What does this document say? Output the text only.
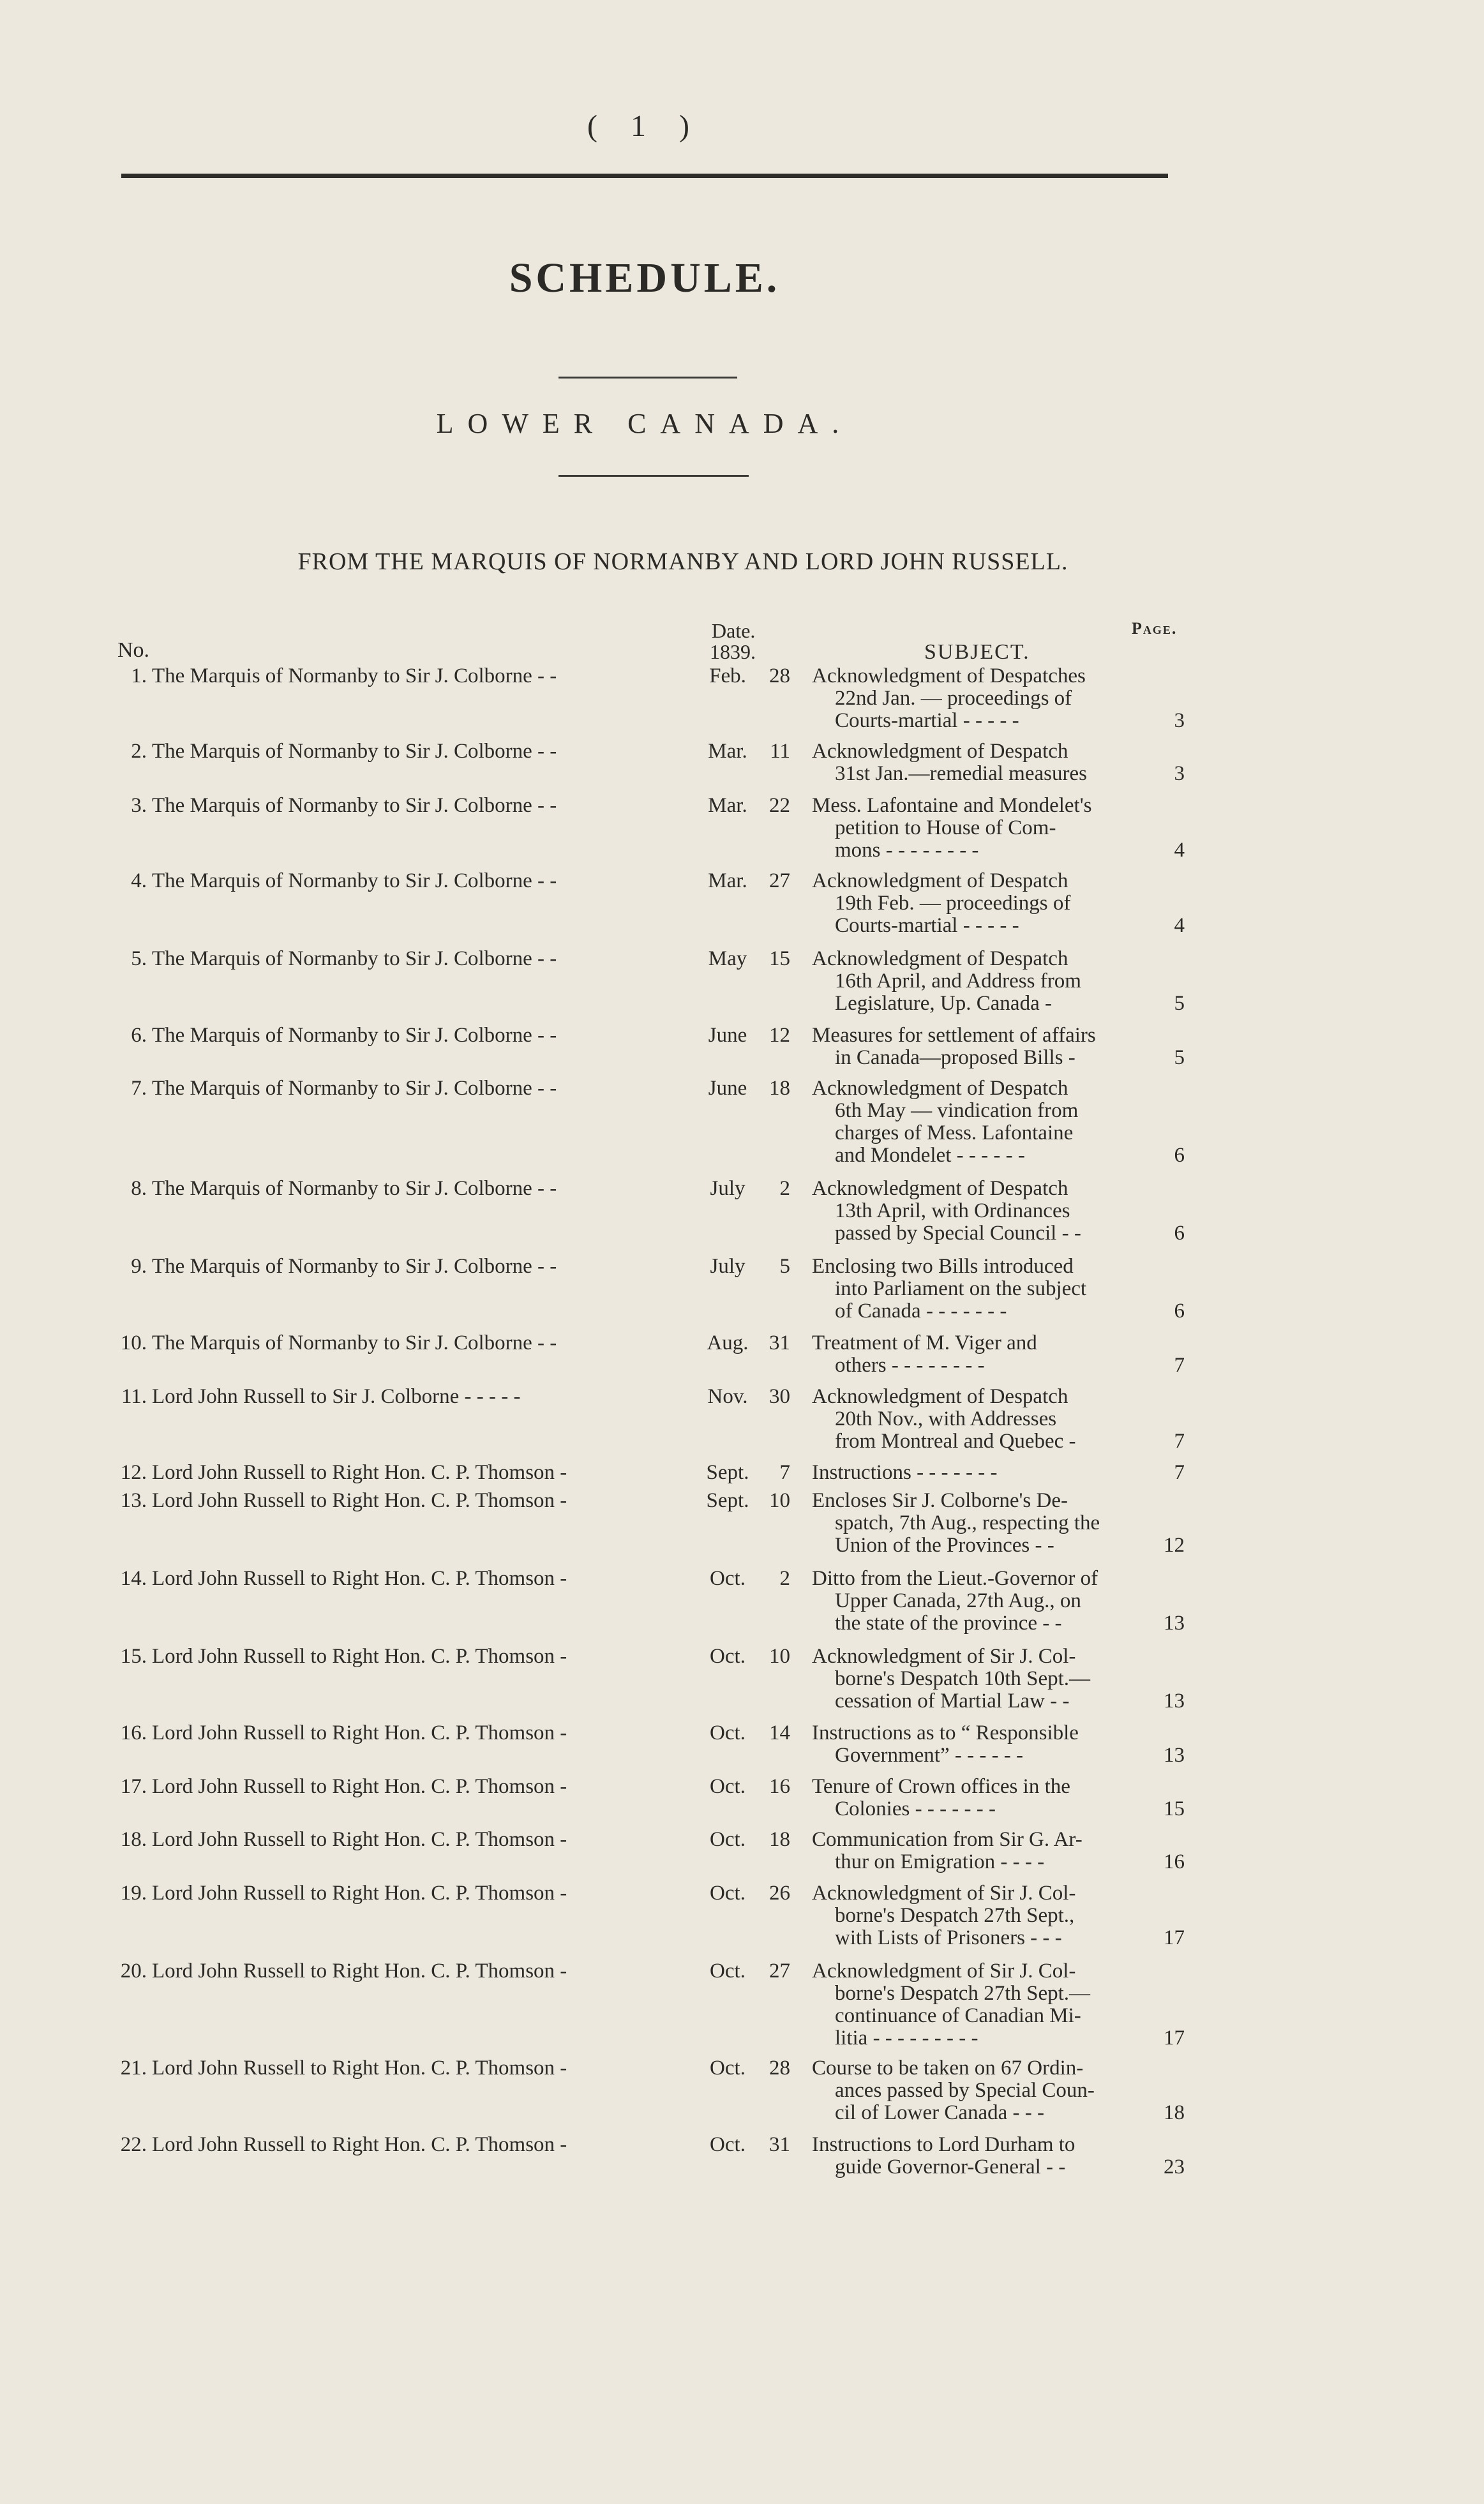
( 1 )
SCHEDULE.
LOWER CANADA.
FROM THE MARQUIS OF NORMANBY AND LORD JOHN RUSSELL.
Date.	Page.
No.	1839.	SUBJECT.
1. The Marquis of Normanby to Sir J. Colborne - -	Feb.	28 Acknowledgment of Despatches
22nd Jan. — proceedings of
Courts-martial - - - - -	3
2. The Marquis of Normanby to Sir J. Colborne - -	Mar.	11 Acknowledgment of Despatch
31st Jan.—remedial measures	3
3. The Marquis of Normanby to Sir J. Colborne - -	Mar.	22 Mess. Lafontaine and Mondelet's
petition to House of Com-
mons - - - - - - - -	4
4. The Marquis of Normanby to Sir J. Colborne - -	Mar.	27 Acknowledgment of Despatch
19th Feb. — proceedings of
Courts-martial - - - - -	4
5. The Marquis of Normanby to Sir J. Colborne - -	May	15 Acknowledgment of Despatch
16th April, and Address from
Legislature, Up. Canada -	5
6. The Marquis of Normanby to Sir J. Colborne - -	June	12 Measures for settlement of affairs
in Canada—proposed Bills -	5
7. The Marquis of Normanby to Sir J. Colborne - -	June	18 Acknowledgment of Despatch
6th May — vindication from
charges of Mess. Lafontaine
and Mondelet - - - - - -	6
8. The Marquis of Normanby to Sir J. Colborne - -	July	2 Acknowledgment of Despatch
13th April, with Ordinances
passed by Special Council - -	6
9. The Marquis of Normanby to Sir J. Colborne - -	July	5 Enclosing two Bills introduced
into Parliament on the subject
of Canada - - - - - - -	6
10. The Marquis of Normanby to Sir J. Colborne - -	Aug. 31 Treatment of M. Viger and
others - - - - - - - -	7
11. Lord John Russell to Sir J. Colborne - - - - -	Nov.	30 Acknowledgment of Despatch
20th Nov., with Addresses
from Montreal and Quebec -	7
12. Lord John Russell to Right Hon. C. P. Thomson -	Sept.	7 Instructions - - - - - - -	7
13. Lord John Russell to Right Hon. C. P. Thomson -	Sept. 10 Encloses Sir J. Colborne's De-
spatch, 7th Aug., respecting the
Union of the Provinces - -	12
14. Lord John Russell to Right Hon. C. P. Thomson -	Oct.	2 Ditto from the Lieut.-Governor of
Upper Canada, 27th Aug., on
the state of the province - -	13
15. Lord John Russell to Right Hon. C. P. Thomson -	Oct.	10 Acknowledgment of Sir J. Col-
borne's Despatch 10th Sept.—
cessation of Martial Law - -	13
16. Lord John Russell to Right Hon. C. P. Thomson -	Oct.	14 Instructions as to “ Responsible
Government” - - - - - -	13
17. Lord John Russell to Right Hon. C. P. Thomson -	Oct.	16 Tenure of Crown offices in the
Colonies - - - - - - -	15
18. Lord John Russell to Right Hon. C. P. Thomson -	Oct.	18 Communication from Sir G. Ar-
thur on Emigration - - - -	16
19. Lord John Russell to Right Hon. C. P. Thomson -	Oct.	26 Acknowledgment of Sir J. Col-
borne's Despatch 27th Sept.,
with Lists of Prisoners - - -	17
20. Lord John Russell to Right Hon. C. P. Thomson -	Oct.	27 Acknowledgment of Sir J. Col-
borne's Despatch 27th Sept.—
continuance of Canadian Mi-
litia - - - - - - - - -	17
21. Lord John Russell to Right Hon. C. P. Thomson -	Oct.	28 Course to be taken on 67 Ordin-
ances passed by Special Coun-
cil of Lower Canada - - -	18
22. Lord John Russell to Right Hon. C. P. Thomson -	Oct.	31 Instructions to Lord Durham to
guide Governor-General - -	23
